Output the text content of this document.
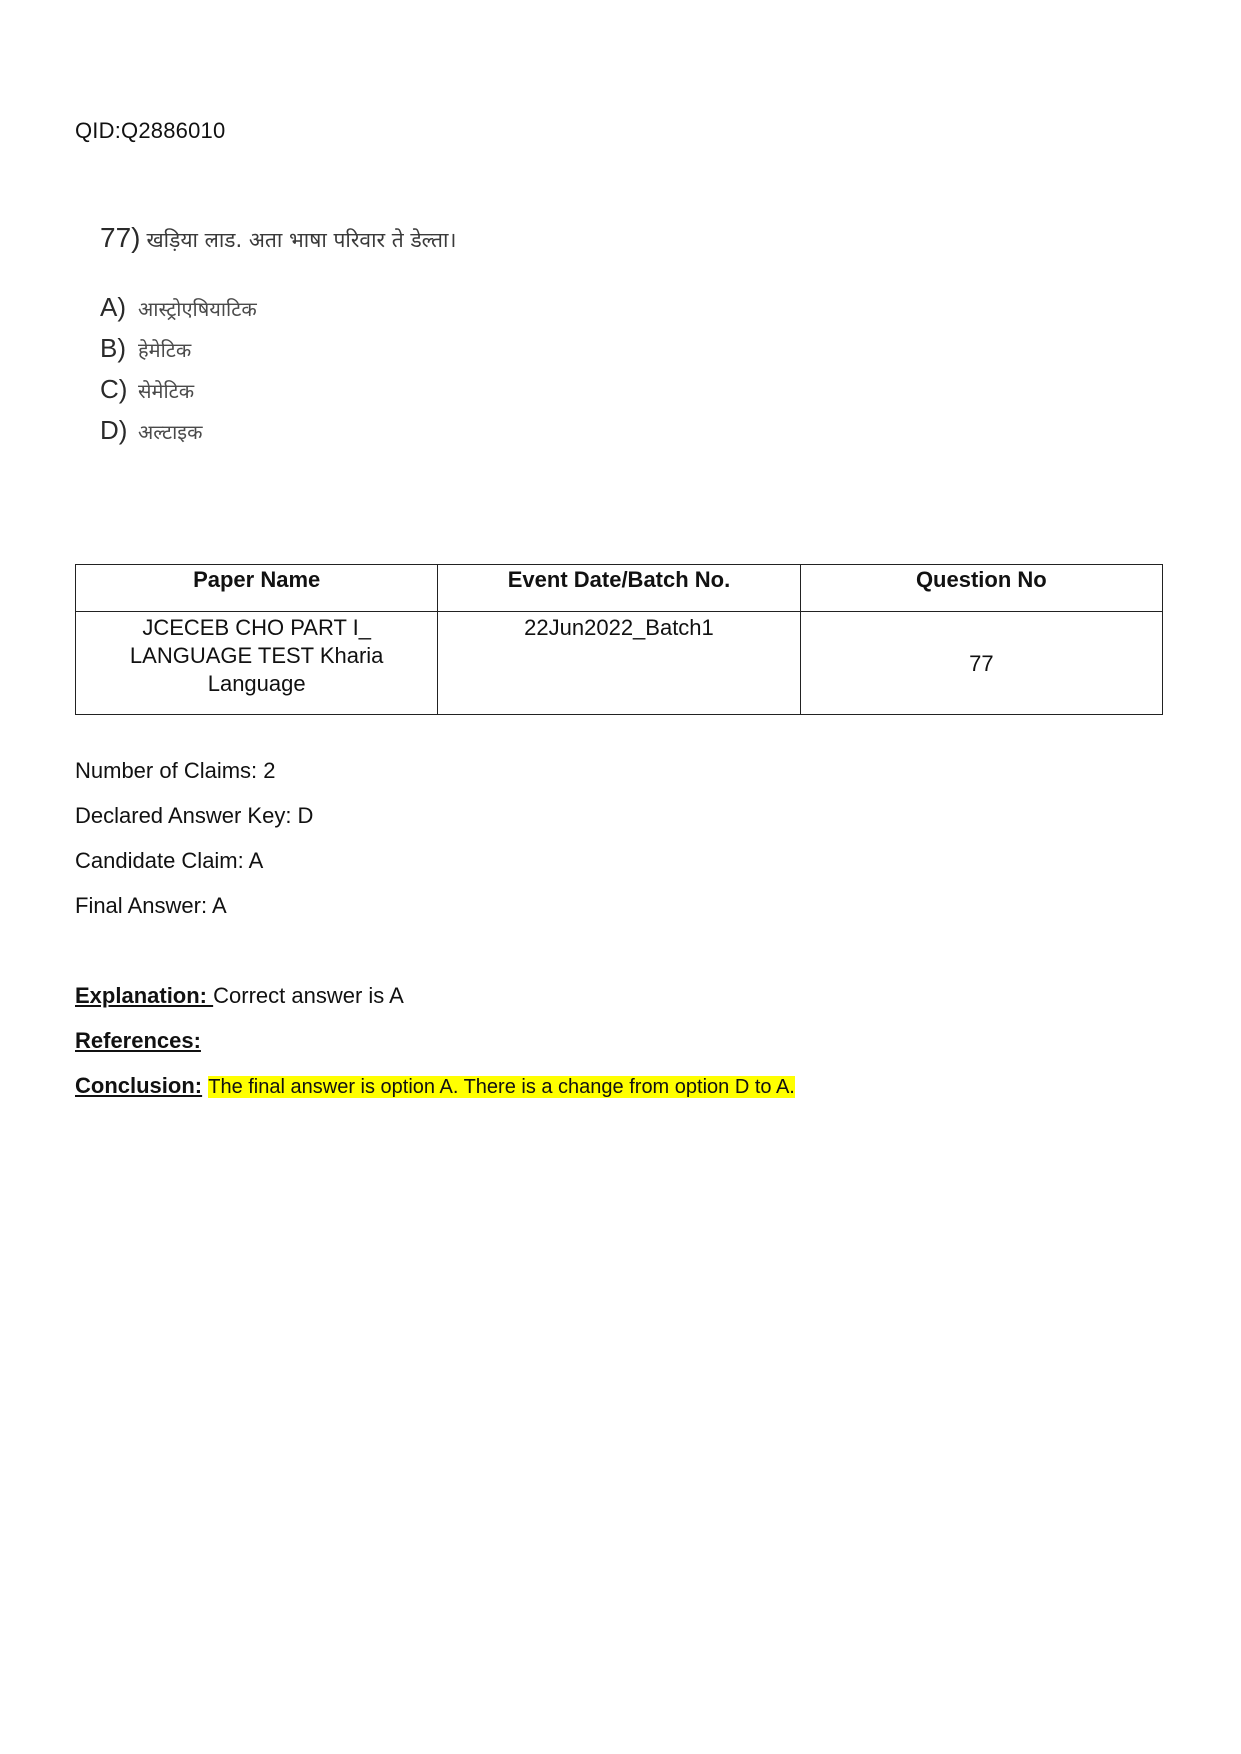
QID:Q2886010
77) खड़िया लाड. अता भाषा परिवार ते डेल्ता।
A) आस्ट्रोएषियाटिक
B) हेमेटिक
C) सेमेटिक
D) अल्टाइक
Paper Name	Event Date/Batch No.	Question No

JCECEB CHO PART I_
LANGUAGE TEST Kharia
Language	22Jun2022_Batch1	77
Number of Claims: 2
Declared Answer Key: D
Candidate Claim: A
Final Answer: A
Explanation: Correct answer is A
References:
Conclusion: The final answer is option A. There is a change from option D to A.
